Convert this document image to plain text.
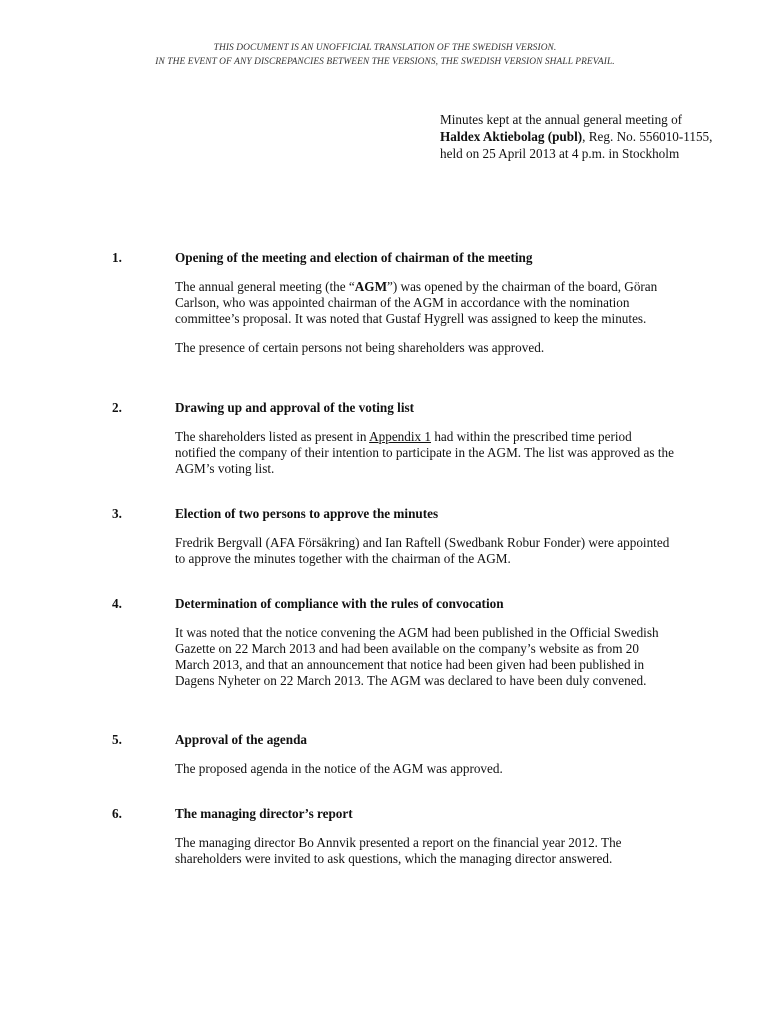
THIS DOCUMENT IS AN UNOFFICIAL TRANSLATION OF THE SWEDISH VERSION.
IN THE EVENT OF ANY DISCREPANCIES BETWEEN THE VERSIONS, THE SWEDISH VERSION SHALL PREVAIL.
Minutes kept at the annual general meeting of Haldex Aktiebolag (publ), Reg. No. 556010-1155, held on 25 April 2013 at 4 p.m. in Stockholm
1.	Opening of the meeting and election of chairman of the meeting
The annual general meeting (the “AGM”) was opened by the chairman of the board, Göran Carlson, who was appointed chairman of the AGM in accordance with the nomination committee’s proposal. It was noted that Gustaf Hygrell was assigned to keep the minutes.
The presence of certain persons not being shareholders was approved.
2.	Drawing up and approval of the voting list
The shareholders listed as present in Appendix 1 had within the prescribed time period notified the company of their intention to participate in the AGM. The list was approved as the AGM’s voting list.
3.	Election of two persons to approve the minutes
Fredrik Bergvall (AFA Försäkring) and Ian Raftell (Swedbank Robur Fonder) were appointed to approve the minutes together with the chairman of the AGM.
4.	Determination of compliance with the rules of convocation
It was noted that the notice convening the AGM had been published in the Official Swedish Gazette on 22 March 2013 and had been available on the company’s website as from 20 March 2013, and that an announcement that notice had been given had been published in Dagens Nyheter on 22 March 2013. The AGM was declared to have been duly convened.
5.	Approval of the agenda
The proposed agenda in the notice of the AGM was approved.
6.	The managing director’s report
The managing director Bo Annvik presented a report on the financial year 2012. The shareholders were invited to ask questions, which the managing director answered.
